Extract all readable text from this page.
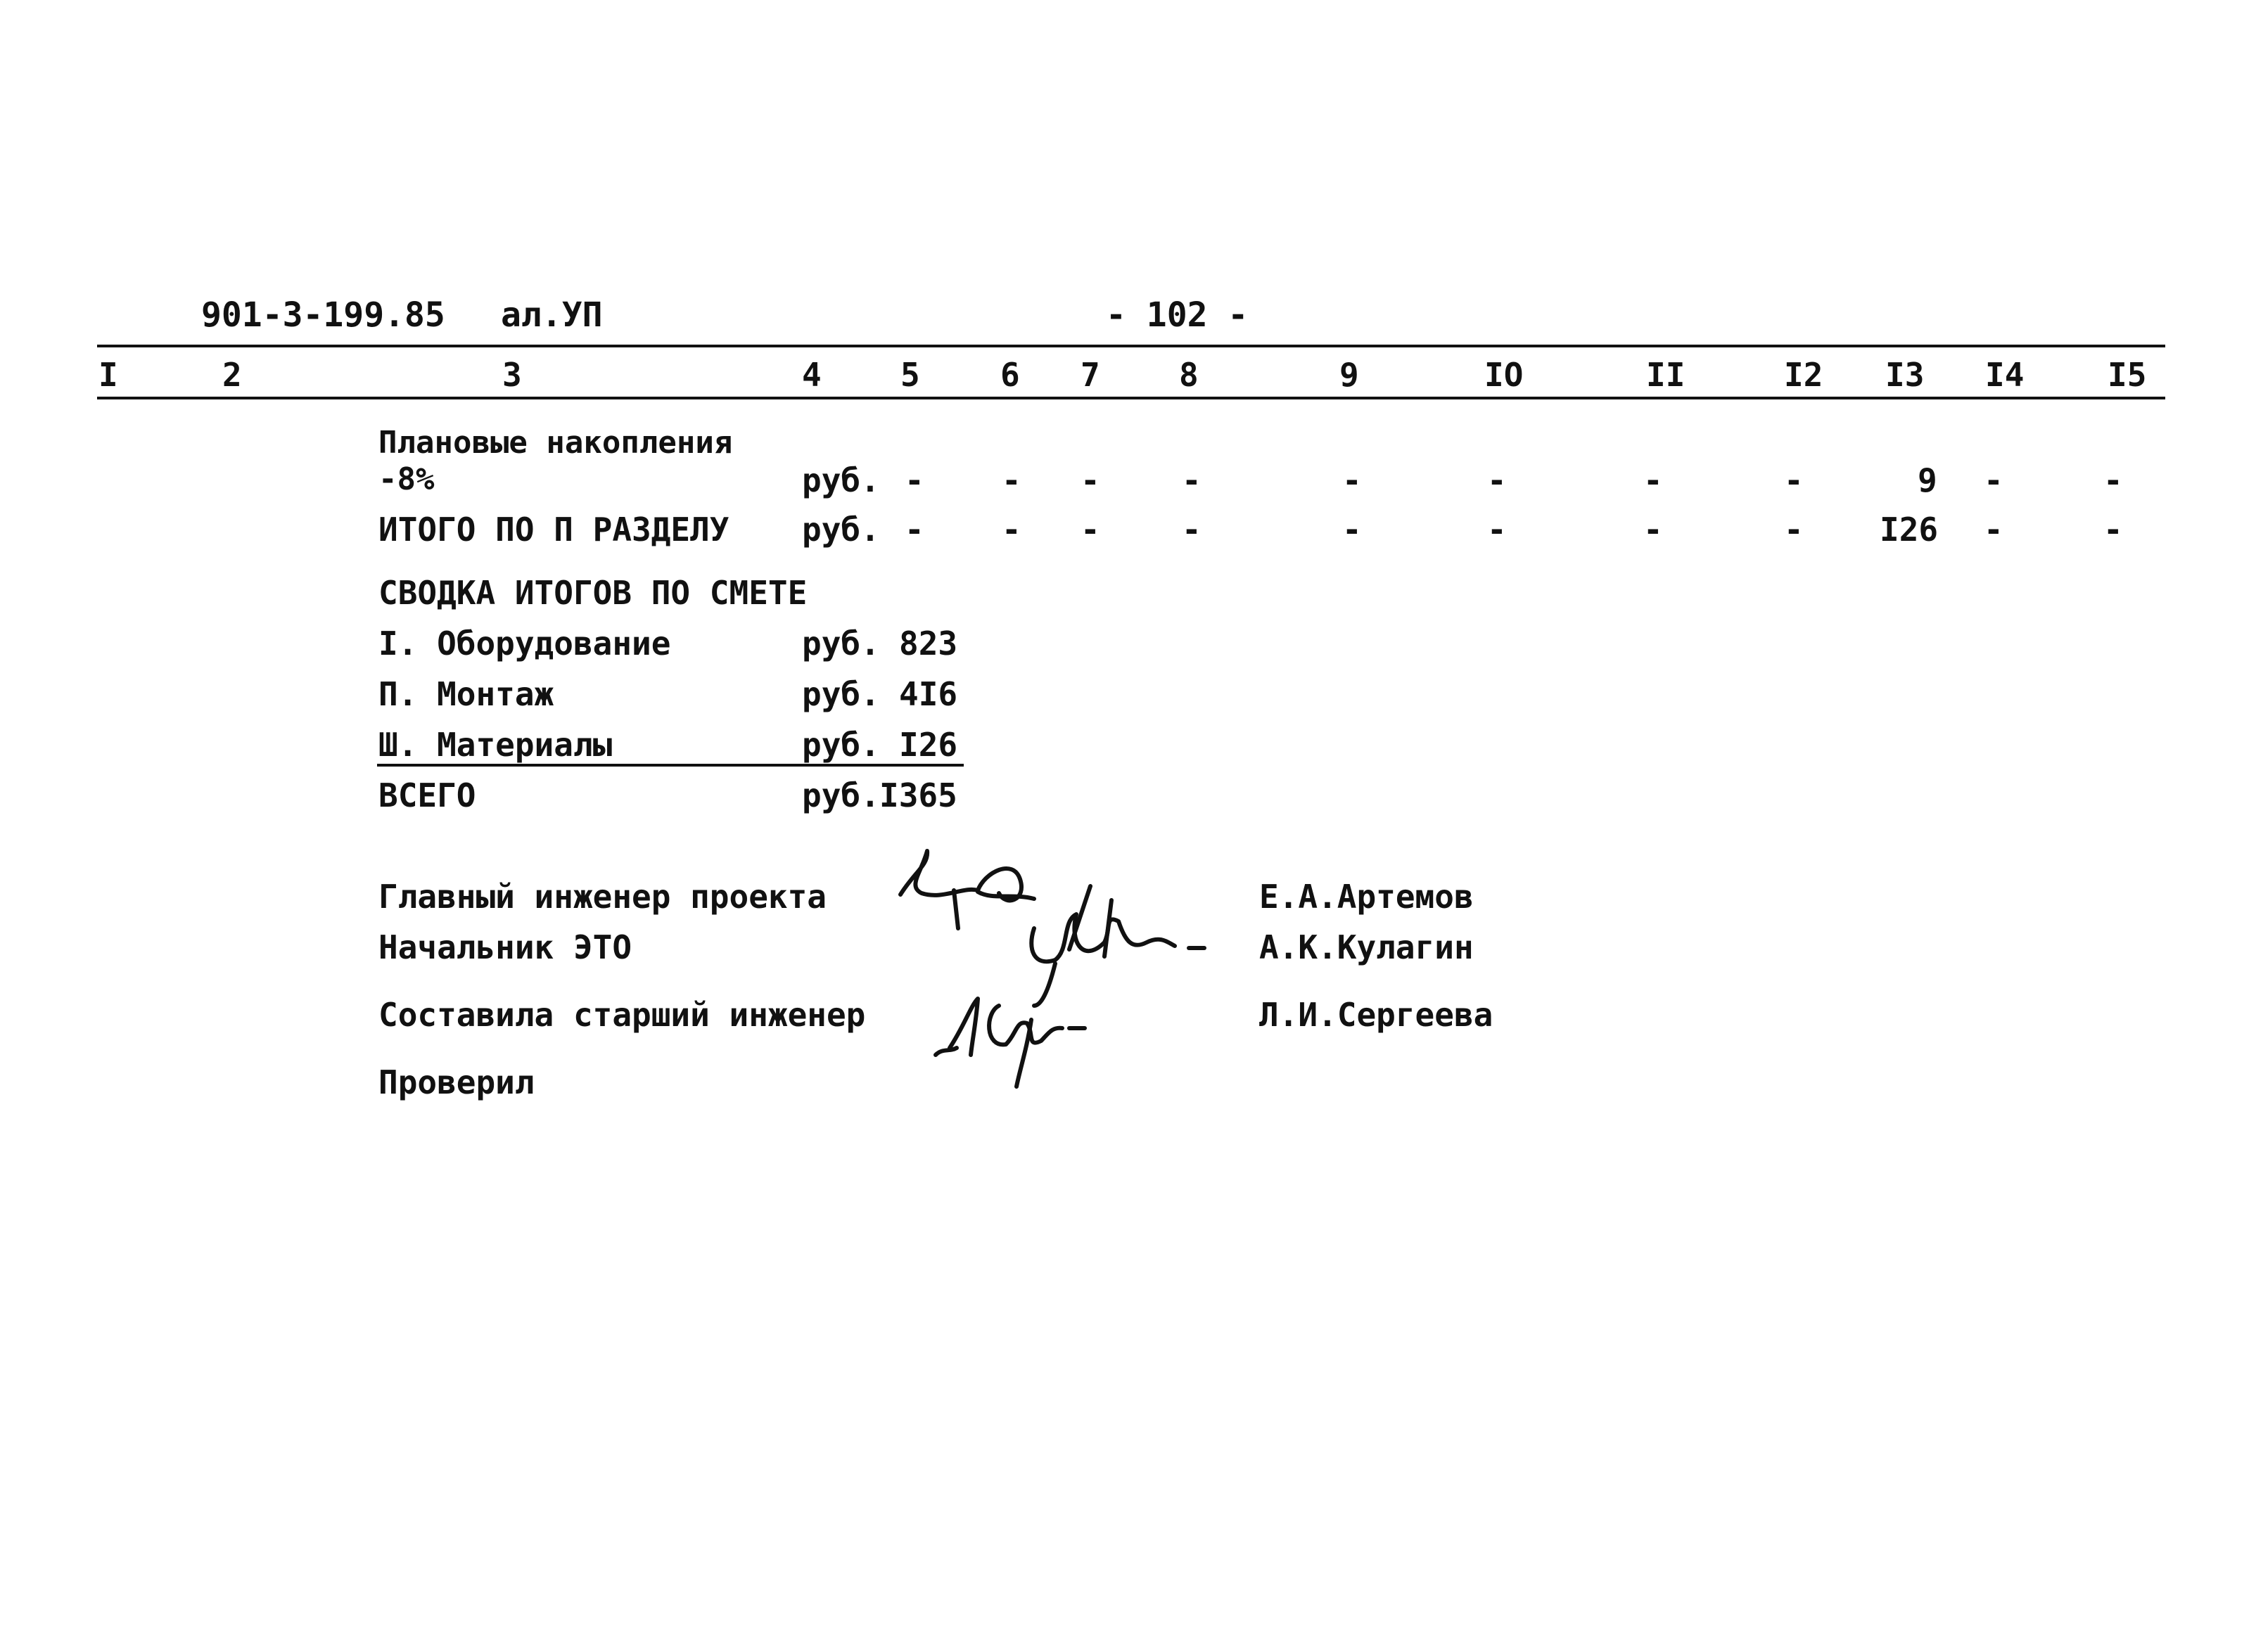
901-3-199.85 ал.УП	- 102 -
I	2	3	4 5 6 7 8	9	IO	II	I2 I3 I4	I5
Плановые накопления
-8%	руб. - - -	-	-	-	-	-	9 -	-
ИТОГО ПО П РАЗДЕЛУ руб. - - -	-	-	-	-	- I26 -	-
СВОДКА ИТОГОВ ПО СМЕТЕ
I. Оборудование	руб. 823
П. Монтаж	руб. 4I6
Ш. Материалы	руб. I26
ВСЕГО	руб. I365
Главный инженер проекта	Е.А.Артемов
Начальник ЭТО	А.К.Кулагин
Составила старший инженер	Л.И.Сергеева
Проверил
